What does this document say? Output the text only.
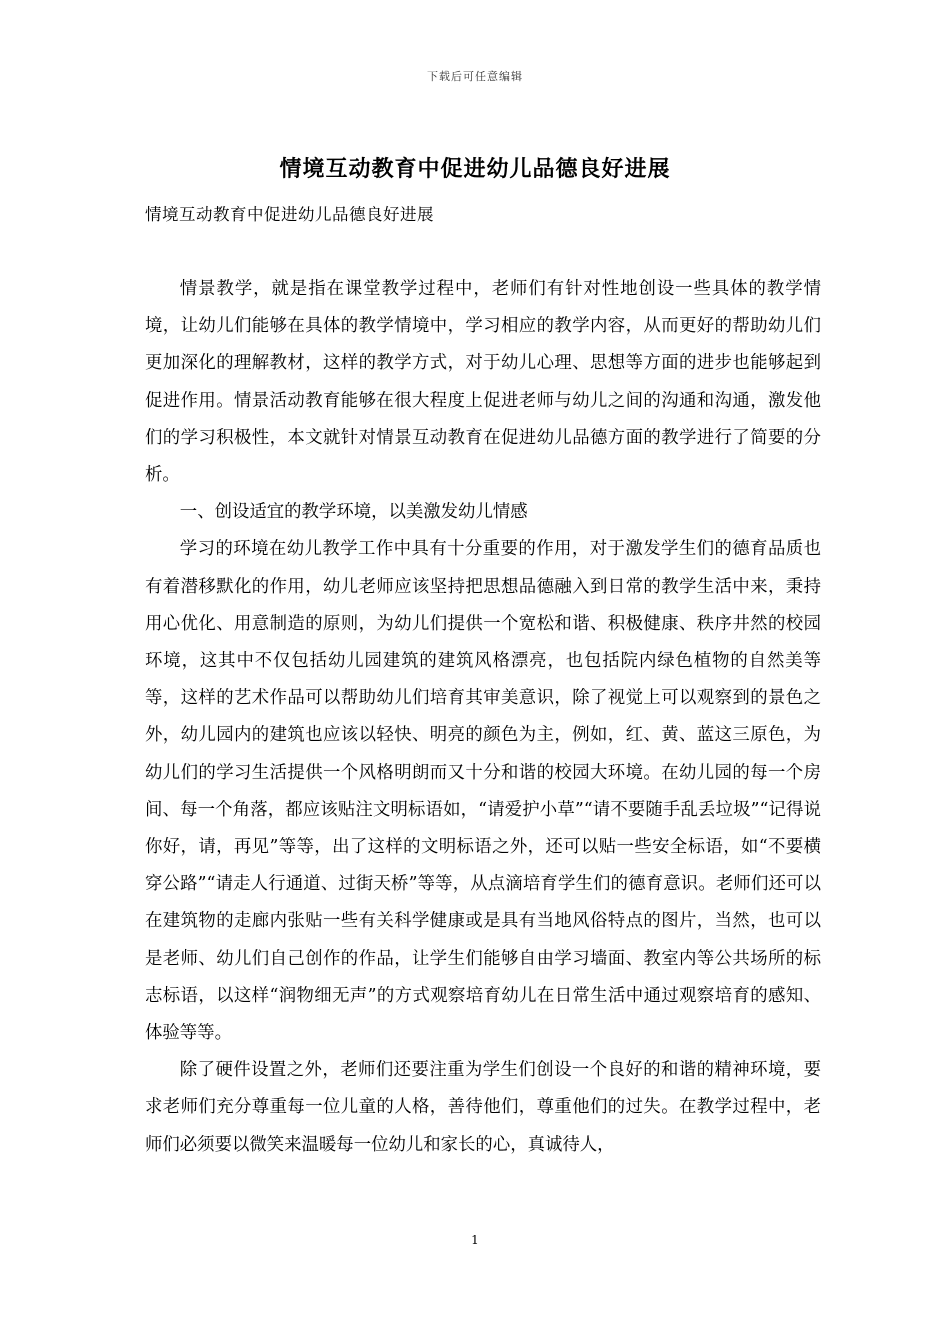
下载后可任意编辑
情境互动教育中促进幼儿品德良好进展
情境互动教育中促进幼儿品德良好进展

情景教学，就是指在课堂教学过程中，老师们有针对性地创设一些具体的教学情境，让幼儿们能够在具体的教学情境中，学习相应的教学内容，从而更好的帮助幼儿们更加深化的理解教材，这样的教学方式，对于幼儿心理、思想等方面的进步也能够起到促进作用。情景活动教育能够在很大程度上促进老师与幼儿之间的沟通和沟通，激发他们的学习积极性，本文就针对情景互动教育在促进幼儿品德方面的教学进行了简要的分析。

一、创设适宜的教学环境，以美激发幼儿情感

学习的环境在幼儿教学工作中具有十分重要的作用，对于激发学生们的德育品质也有着潜移默化的作用，幼儿老师应该坚持把思想品德融入到日常的教学生活中来，秉持用心优化、用意制造的原则，为幼儿们提供一个宽松和谐、积极健康、秩序井然的校园环境，这其中不仅包括幼儿园建筑的建筑风格漂亮，也包括院内绿色植物的自然美等等，这样的艺术作品可以帮助幼儿们培育其审美意识，除了视觉上可以观察到的景色之外，幼儿园内的建筑也应该以轻快、明亮的颜色为主，例如，红、黄、蓝这三原色，为幼儿们的学习生活提供一个风格明朗而又十分和谐的校园大环境。在幼儿园的每一个房间、每一个角落，都应该贴注文明标语如，“请爱护小草”“请不要随手乱丢垃圾”“记得说你好，请，再见”等等，出了这样的文明标语之外，还可以贴一些安全标语，如“不要横穿公路”“请走人行通道、过街天桥”等等，从点滴培育学生们的德育意识。老师们还可以在建筑物的走廊内张贴一些有关科学健康或是具有当地风俗特点的图片，当然，也可以是老师、幼儿们自己创作的作品，让学生们能够自由学习墙面、教室内等公共场所的标志标语，以这样“润物细无声”的方式观察培育幼儿在日常生活中通过观察培育的感知、体验等等。

除了硬件设置之外，老师们还要注重为学生们创设一个良好的和谐的精神环境，要求老师们充分尊重每一位儿童的人格，善待他们，尊重他们的过失。在教学过程中，老师们必须要以微笑来温暖每一位幼儿和家长的心，真诚待人，

1
